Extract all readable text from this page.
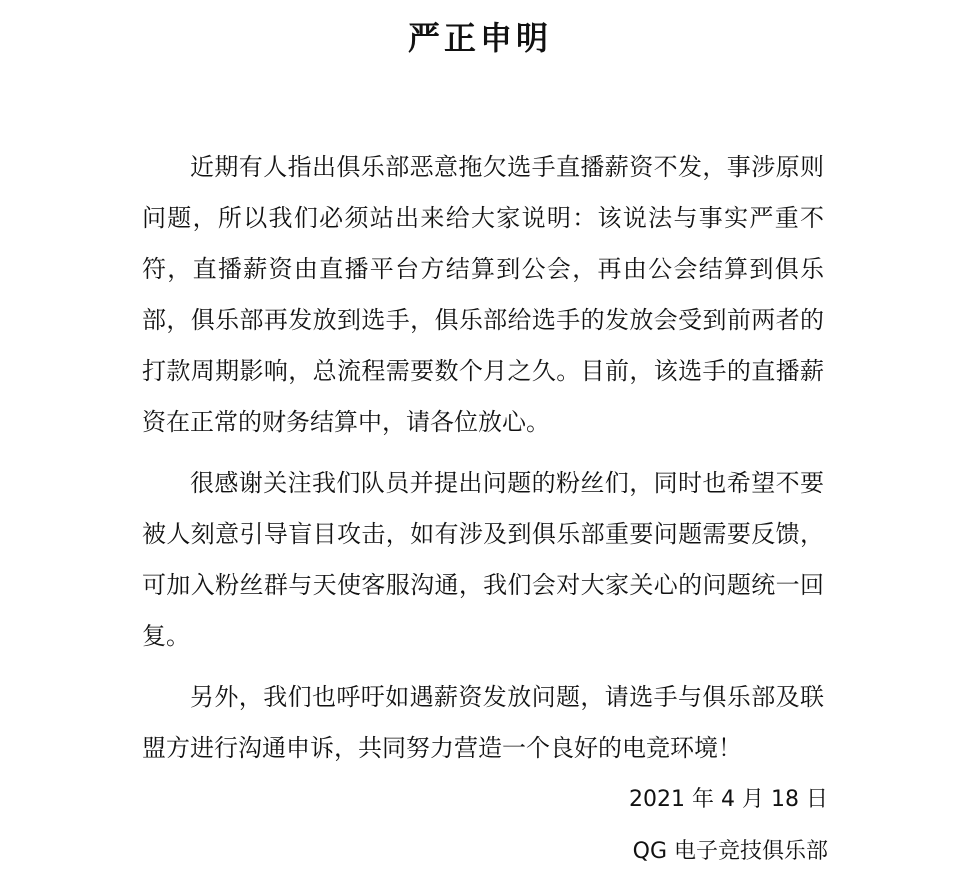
严正申明

近期有人指出俱乐部恶意拖欠选手直播薪资不发，事涉原则问题，所以我们必须站出来给大家说明：该说法与事实严重不符，直播薪资由直播平台方结算到公会，再由公会结算到俱乐部，俱乐部再发放到选手，俱乐部给选手的发放会受到前两者的打款周期影响，总流程需要数个月之久。目前，该选手的直播薪资在正常的财务结算中，请各位放心。

很感谢关注我们队员并提出问题的粉丝们，同时也希望不要被人刻意引导盲目攻击，如有涉及到俱乐部重要问题需要反馈，可加入粉丝群与天使客服沟通，我们会对大家关心的问题统一回复。

另外，我们也呼吁如遇薪资发放问题，请选手与俱乐部及联盟方进行沟通申诉，共同努力营造一个良好的电竞环境！

2021 年 4 月 18 日
QG 电子竞技俱乐部
